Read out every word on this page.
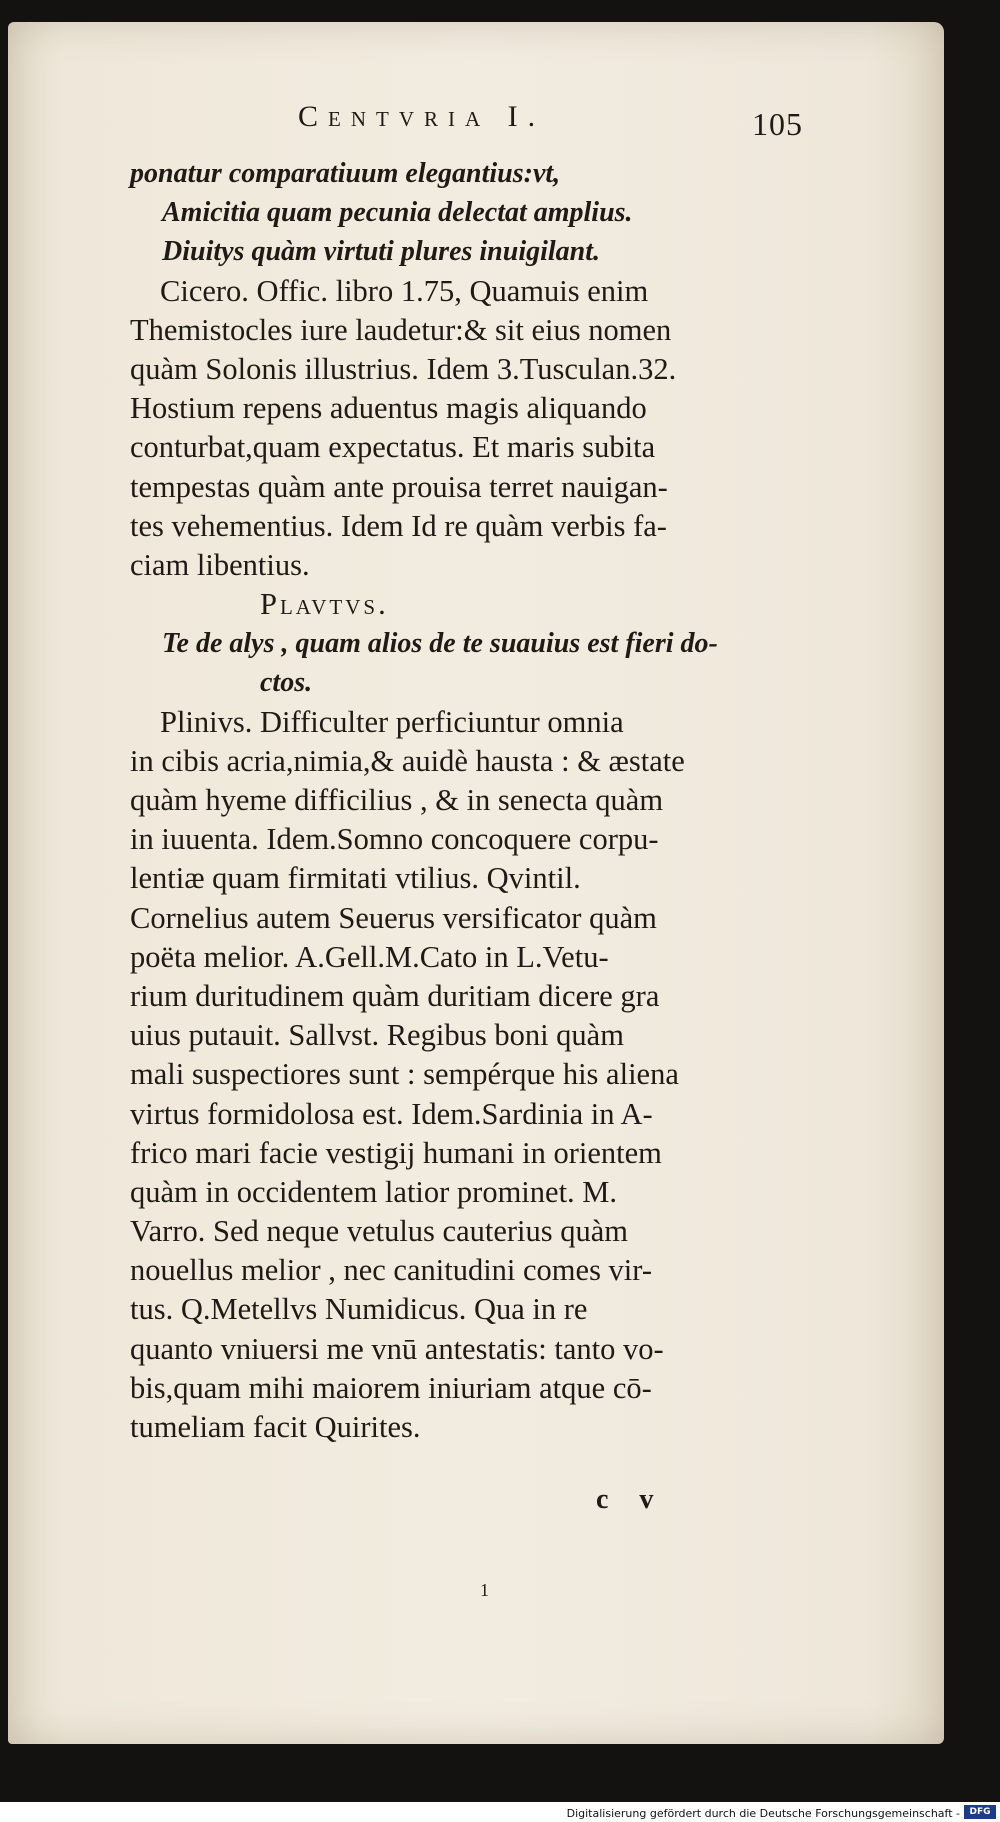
Centvria I.	105
ponatur comparatiuum elegantius:vt,
Amicitia quam pecunia delectat amplius.
Diuitys quàm virtuti plures inuigilant.
Cicero. Offic. libro 1.75, Quamuis enim
Themistocles iure laudetur:& sit eius nomen
quàm Solonis illustrius. Idem 3.Tusculan.32.
Hostium repens aduentus magis aliquando
conturbat,quam expectatus. Et maris subita
tempestas quàm ante prouisa terret nauigan-
tes vehementius. Idem Id re quàm verbis fa-
ciam libentius.
Plavtvs.
Te de alys , quam alios de te suauius est fieri do-
ctos.
Plinivs. Difficulter perficiuntur omnia
in cibis acria,nimia,& auidè hausta : & æstate
quàm hyeme difficilius , & in senecta quàm
in iuuenta. Idem.Somno concoquere corpu-
lentiæ quam firmitati vtilius. Qvintil.
Cornelius autem Seuerus versificator quàm
poëta melior. A.Gell.M.Cato in L.Vetu-
rium duritudinem quàm duritiam dicere gra
uius putauit. Sallvst. Regibus boni quàm
mali suspectiores sunt : sempérque his aliena
virtus formidolosa est. Idem.Sardinia in A-
frico mari facie vestigij humani in orientem
quàm in occidentem latior prominet. M.
Varro. Sed neque vetulus cauterius quàm
nouellus melior , nec canitudini comes vir-
tus. Q.Metellvs Numidicus. Qua in re
quanto vniuersi me vnū antestatis: tanto vo-
bis,quam mihi maiorem iniuriam atque cō-
tumeliam facit Quirites.
c v
1
Digitalisierung gefördert durch die Deutsche Forschungsgemeinschaft -	DFG
